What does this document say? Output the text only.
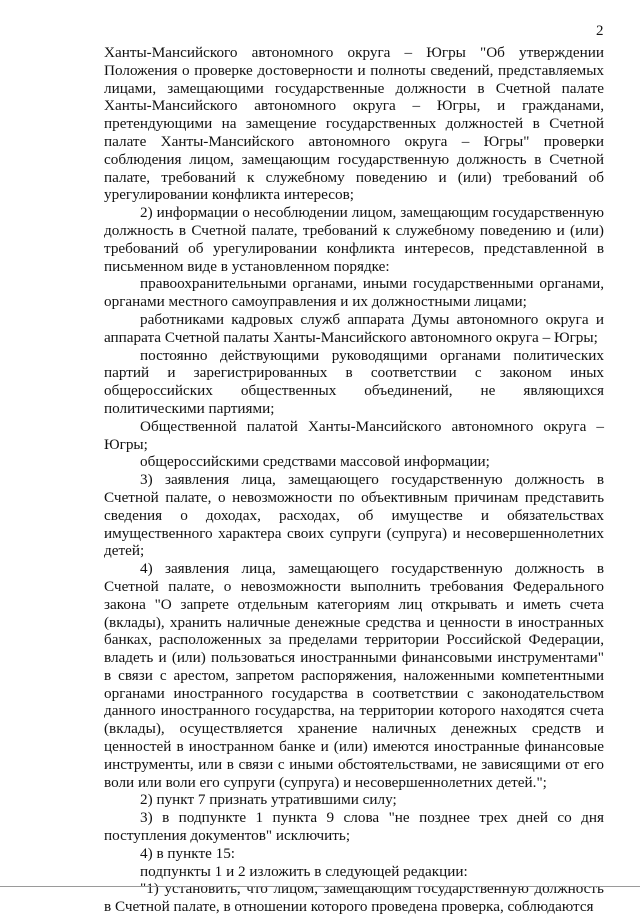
2

Ханты-Мансийского автономного округа – Югры "Об утверждении Положения о проверке достоверности и полноты сведений, представляемых лицами, замещающими государственные должности в Счетной палате Ханты-Мансийского автономного округа – Югры, и гражданами, претендующими на замещение государственных должностей в Счетной палате Ханты-Мансийского автономного округа – Югры" проверки соблюдения лицом, замещающим государственную должность в Счетной палате, требований к служебному поведению и (или) требований об урегулировании конфликта интересов;

2) информации о несоблюдении лицом, замещающим государственную должность в Счетной палате, требований к служебному поведению и (или) требований об урегулировании конфликта интересов, представленной в письменном виде в установленном порядке:

правоохранительными органами, иными государственными органами, органами местного самоуправления и их должностными лицами;

работниками кадровых служб аппарата Думы автономного округа и аппарата Счетной палаты Ханты-Мансийского автономного округа – Югры;

постоянно действующими руководящими органами политических партий и зарегистрированных в соответствии с законом иных общероссийских общественных объединений, не являющихся политическими партиями;

Общественной палатой Ханты-Мансийского автономного округа – Югры;

общероссийскими средствами массовой информации;

3) заявления лица, замещающего государственную должность в Счетной палате, о невозможности по объективным причинам представить сведения о доходах, расходах, об имуществе и обязательствах имущественного характера своих супруги (супруга) и несовершеннолетних детей;

4) заявления лица, замещающего государственную должность в Счетной палате, о невозможности выполнить требования Федерального закона "О запрете отдельным категориям лиц открывать и иметь счета (вклады), хранить наличные денежные средства и ценности в иностранных банках, расположенных за пределами территории Российской Федерации, владеть и (или) пользоваться иностранными финансовыми инструментами" в связи с арестом, запретом распоряжения, наложенными компетентными органами иностранного государства в соответствии с законодательством данного иностранного государства, на территории которого находятся счета (вклады), осуществляется хранение наличных денежных средств и ценностей в иностранном банке и (или) имеются иностранные финансовые инструменты, или в связи с иными обстоятельствами, не зависящими от его воли или воли его супруги (супруга) и несовершеннолетних детей.";

2) пункт 7 признать утратившими силу;

3) в подпункте 1 пункта 9 слова "не позднее трех дней со дня поступления документов" исключить;

4) в пункте 15:

подпункты 1 и 2 изложить в следующей редакции:

"1) установить, что лицом, замещающим государственную должность в Счетной палате, в отношении которого проведена проверка, соблюдаются
